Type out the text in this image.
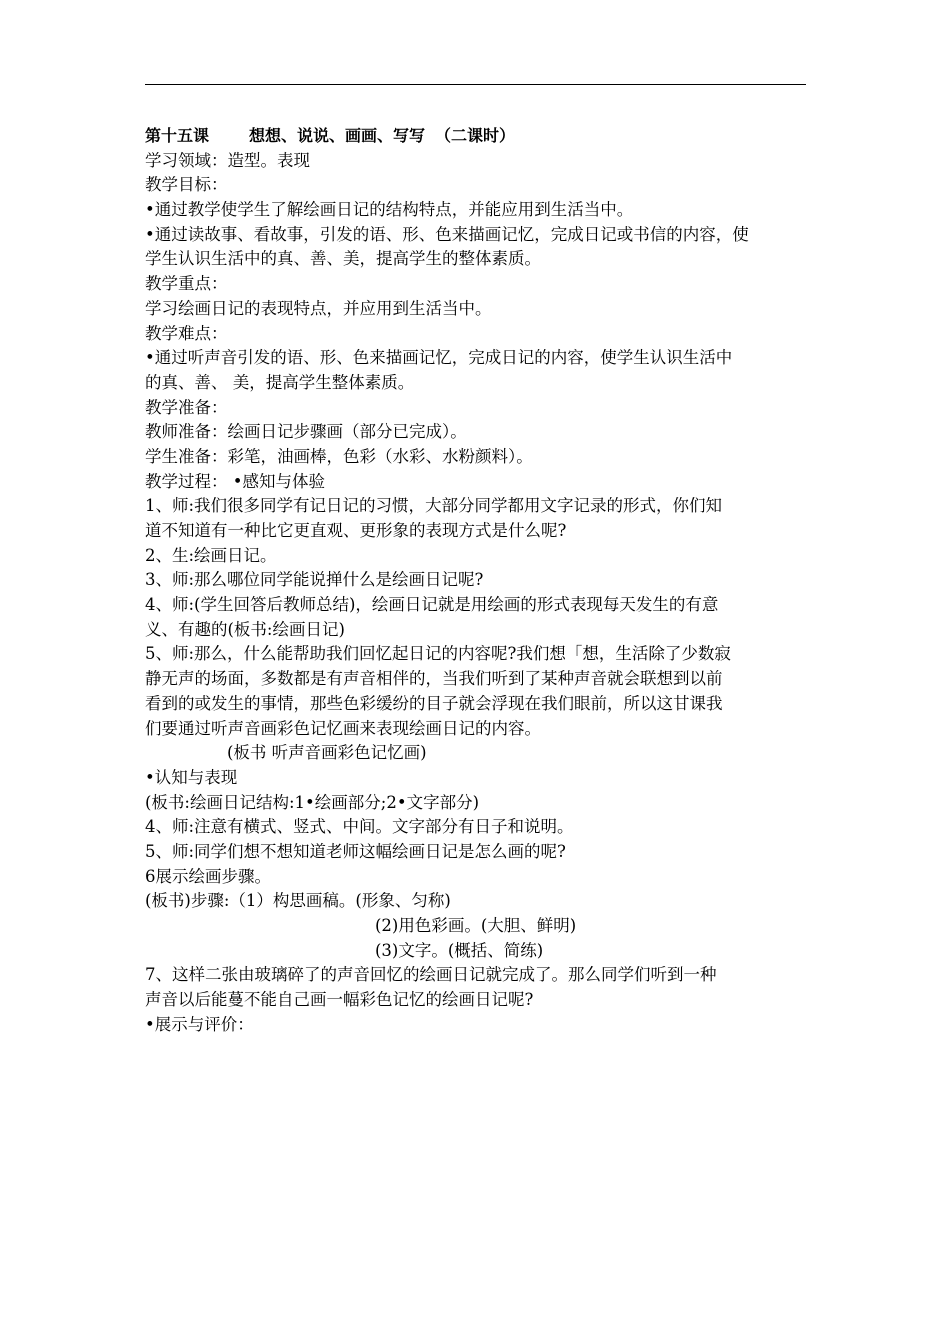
第十五课	想想、说说、画画、写写 （二课时）
学习领域：造型。表现
教学目标：
•通过教学使学生了解绘画日记的结构特点，并能应用到生活当中。
•通过读故事、看故事，引发的语、形、色来描画记忆，完成日记或书信的内容，使
学生认识生活中的真、善、美，提高学生的整体素质。
教学重点：
学习绘画日记的表现特点，并应用到生活当中。
教学难点：
•通过听声音引发的语、形、色来描画记忆，完成日记的内容，使学生认识生活中
的真、善、 美，提高学生整体素质。
教学准备：
教师准备：绘画日记步骤画（部分已完成）。
学生准备：彩笔，油画棒，色彩（水彩、水粉颜料）。
教学过程： •感知与体验
1、师:我们很多同学有记日记的习惯，大部分同学都用文字记录的形式，你们知
道不知道有一种比它更直观、更形象的表现方式是什么呢?
2、生:绘画日记。
3、师:那么哪位同学能说掸什么是绘画日记呢?
4、师:(学生回答后教师总结)，绘画日记就是用绘画的形式表现每天发生的有意
义、有趣的(板书:绘画日记)
5、师:那么，什么能帮助我们回忆起日记的内容呢?我们想「想，生活除了少数寂
静无声的场面，多数都是有声音相伴的，当我们听到了某种声音就会联想到以前
看到的或发生的事情，那些色彩缓纷的目子就会浮现在我们眼前，所以这甘课我
们要通过听声音画彩色记忆画来表现绘画日记的内容。
(板书 听声音画彩色记忆画)
•认知与表现
(板书:绘画日记结构:1•绘画部分;2•文字部分)
4、师:注意有横式、竖式、中间。文字部分有日子和说明。
5、师:同学们想不想知道老师这幅绘画日记是怎么画的呢?
6展示绘画步骤。
(板书)步骤:（1）构思画稿。(形象、匀称)
(2)用色彩画。(大胆、鲜明)
(3)文字。(概括、简练)
7、这样二张由玻璃碎了的声音回忆的绘画日记就完成了。那么同学们听到一种
声音以后能蔓不能自己画一幅彩色记忆的绘画日记呢?
•展示与评价：
